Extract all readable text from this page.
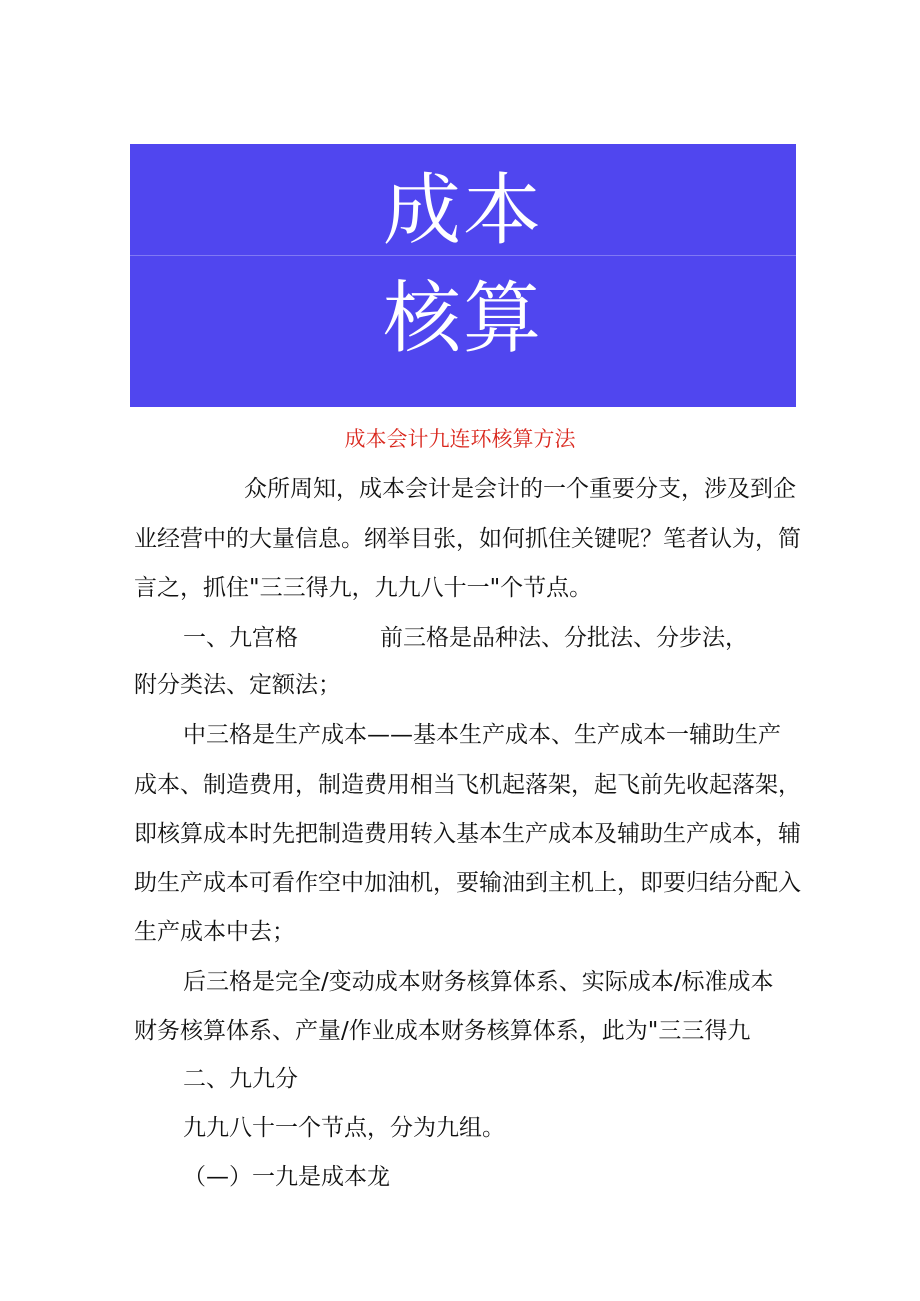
成本
核算
成本会计九连环核算方法
众所周知，成本会计是会计的一个重要分支，涉及到企
业经营中的大量信息。纲举目张，如何抓住关键呢？笔者认为，简
言之，抓住"三三得九，九九八十一"个节点。
一、九宫格	前三格是品种法、分批法、分步法，
附分类法、定额法；
中三格是生产成本——基本生产成本、生产成本一辅助生产
成本、制造费用，制造费用相当飞机起落架，起飞前先收起落架，
即核算成本时先把制造费用转入基本生产成本及辅助生产成本，辅
助生产成本可看作空中加油机，要输油到主机上，即要归结分配入
生产成本中去；
后三格是完全/变动成本财务核算体系、实际成本/标准成本
财务核算体系、产量/作业成本财务核算体系，此为"三三得九
二、九九分
九九八十一个节点，分为九组。
（—）一九是成本龙
